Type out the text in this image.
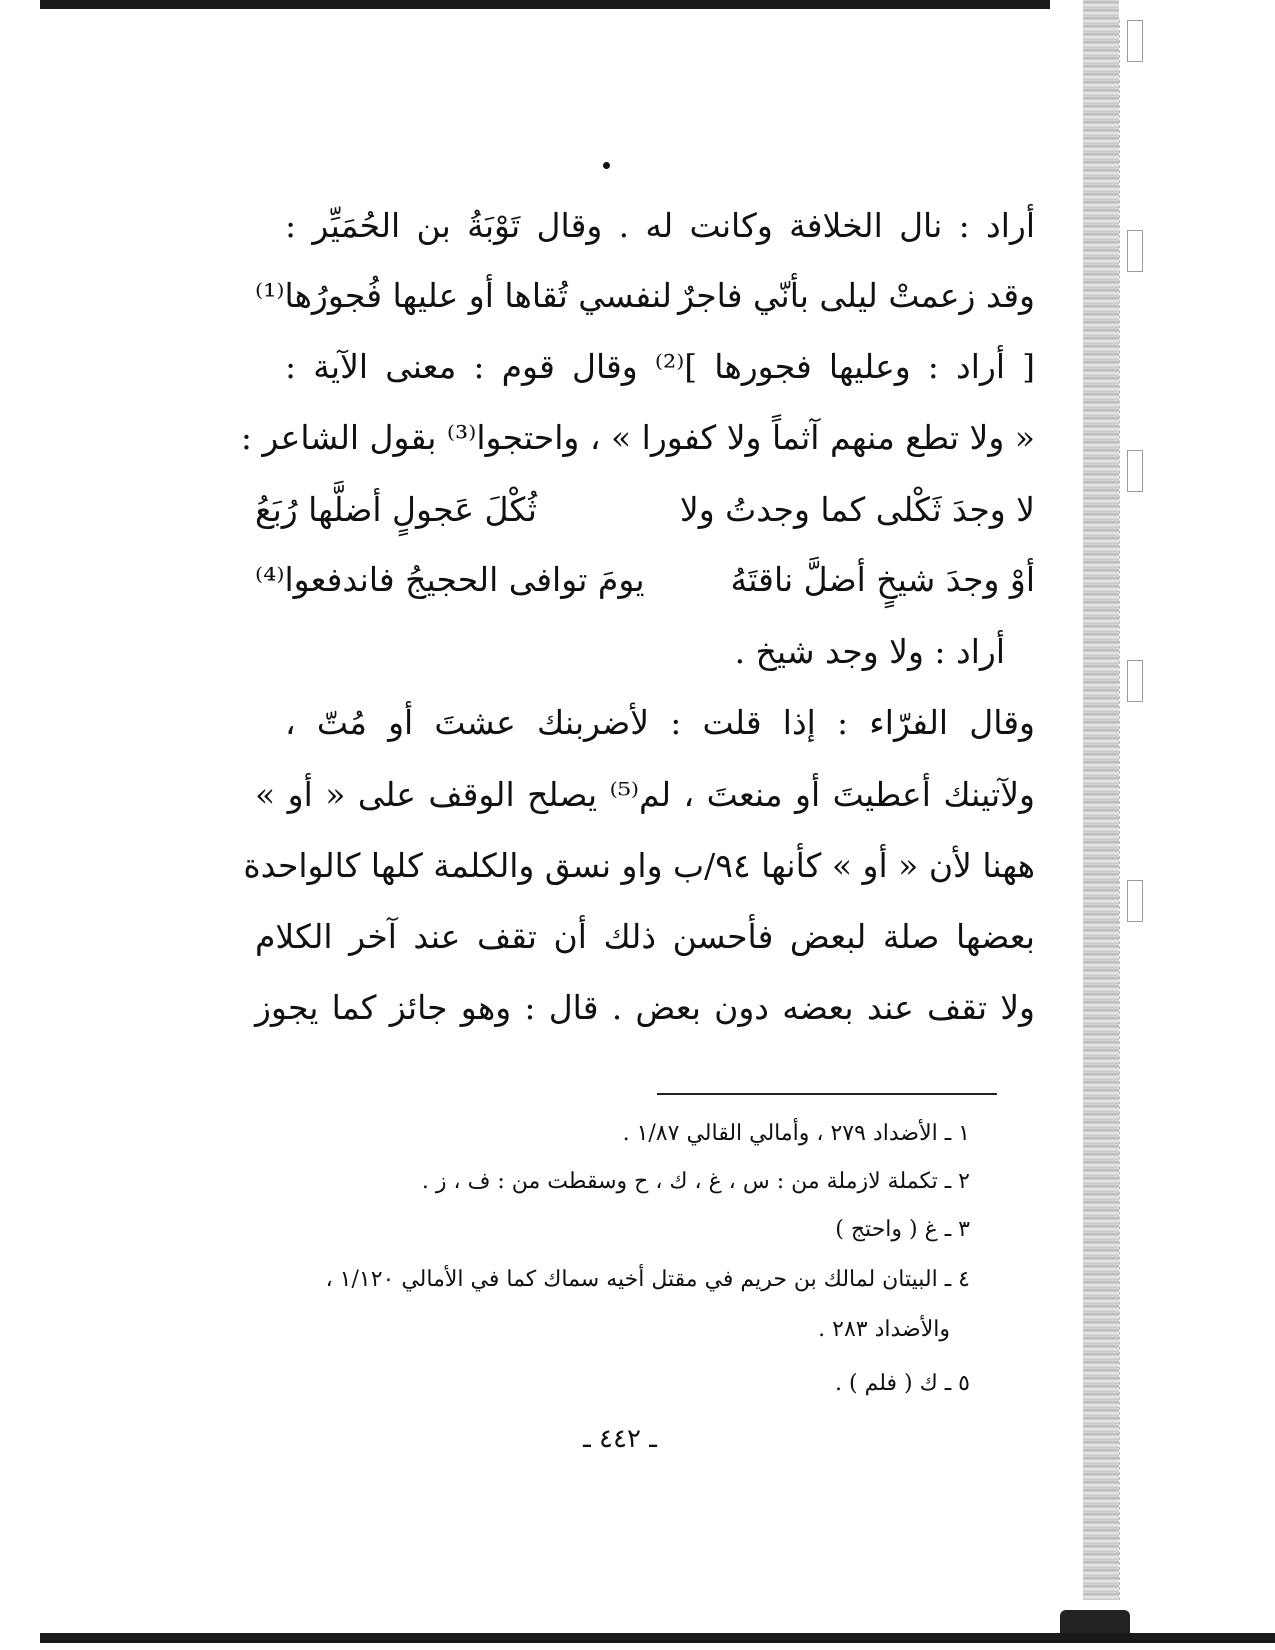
أراد : نال الخلافة وكانت له . وقال تَوْبَةُ بن الحُمَيِّر :
وقد زعمتْ ليلى بأنّي فاجرٌ
لنفسي تُقاها أو عليها فُجورُها⁽¹⁾
[ أراد : وعليها فجورها ]⁽²⁾ وقال قوم : معنى الآية :
« ولا تطع منهم آثماً ولا كفورا » ، واحتجوا⁽³⁾ بقول الشاعر :
لا وجدَ ثَكْلى كما وجدتُ ولا
ثُكْلَ عَجولٍ أضلَّها رُبَعُ
أوْ وجدَ شيخٍ أضلَّ ناقتَهُ
يومَ توافى الحجيجُ فاندفعوا⁽⁴⁾
أراد : ولا وجد شيخ .
وقال الفرّاء : إذا قلت : لأضربنك عشتَ أو مُتّ ،
ولآتينك أعطيتَ أو منعتَ ، لم⁽⁵⁾ يصلح الوقف على « أو »
ههنا لأن « أو » كأنها ٩٤/ب واو نسق والكلمة كلها كالواحدة
بعضها صلة لبعض فأحسن ذلك أن تقف عند آخر الكلام
ولا تقف عند بعضه دون بعض . قال : وهو جائز كما يجوز
١ ـ الأضداد ٢٧٩ ، وأمالي القالي ١/٨٧ .
٢ ـ تكملة لازملة من : س ، غ ، ك ، ح وسقطت من : ف ، ز .
٣ ـ غ ( واحتج )
٤ ـ البيتان لمالك بن حريم في مقتل أخيه سماك كما في الأمالي ١/١٢٠ ،
والأضداد ٢٨٣ .
٥ ـ ك ( فلم ) .
ـ ٤٤٢ ـ
